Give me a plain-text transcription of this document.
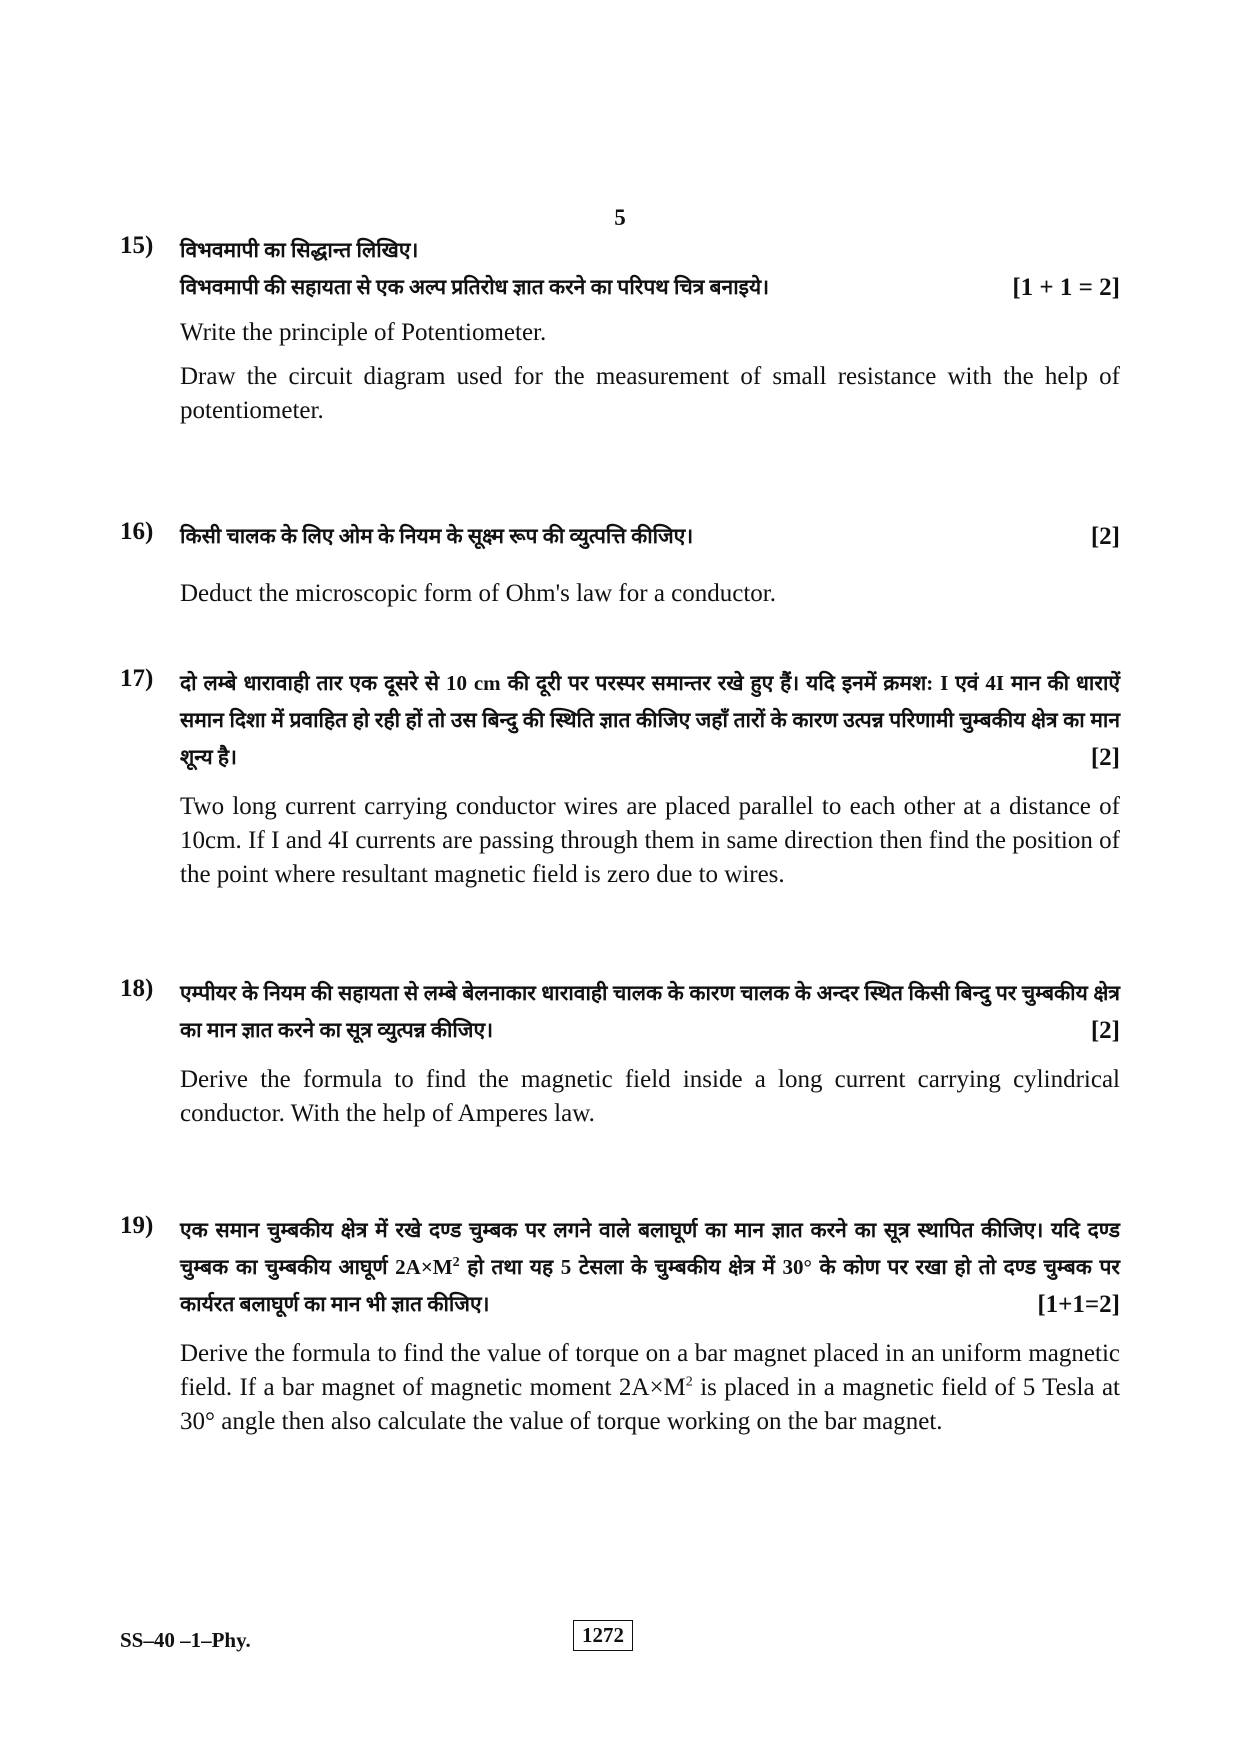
5
15) विभवमापी का सिद्धान्त लिखिए।
[1 + 1 = 2]
विभवमापी की सहायता से एक अल्प प्रतिरोध ज्ञात करने का परिपथ चित्र बनाइये।
Write the principle of Potentiometer.
Draw the circuit diagram used for the measurement of small resistance with the help of potentiometer.
16)	[2]
किसी चालक के लिए ओम के नियम के सूक्ष्म रूप की व्युत्पत्ति कीजिए।
Deduct the microscopic form of Ohm's law for a conductor.
17) दो लम्बे धारावाही तार एक दूसरे से 10 cm की दूरी पर परस्पर समान्तर रखे हुए हैं। यदि इनमें क्रमश: I एवं 4I मान की धाराऐं समान दिशा में प्रवाहित हो रही हों तो उस बिन्दु की स्थिति ज्ञात कीजिए जहाँ तारों के कारण उत्पन्न परिणामी चुम्बकीय क्षेत्र का मान शून्य है।	[2]
Two long current carrying conductor wires are placed parallel to each other at a distance of 10cm. If I and 4I currents are passing through them in same direction then find the position of the point where resultant magnetic field is zero due to wires.
18) एम्पीयर के नियम की सहायता से लम्बे बेलनाकार धारावाही चालक के कारण चालक के अन्दर स्थित किसी बिन्दु पर चुम्बकीय क्षेत्र का मान ज्ञात करने का सूत्र व्युत्पन्न कीजिए।	[2]
Derive the formula to find the magnetic field inside a long current carrying cylindrical conductor. With the help of Amperes law.
19) एक समान चुम्बकीय क्षेत्र में रखे दण्ड चुम्बक पर लगने वाले बलाघूर्ण का मान ज्ञात करने का सूत्र स्थापित कीजिए। यदि दण्ड चुम्बक का चुम्बकीय आघूर्ण $2A\times M^2$ हो तथा यह 5 टेसला के चुम्बकीय क्षेत्र में 30° के कोण पर रखा हो तो दण्ड चुम्बक पर कार्यरत बलाघूर्ण का मान भी ज्ञात कीजिए।	[1+1=2]
Derive the formula to find the value of torque on a bar magnet placed in an uniform magnetic field. If a bar magnet of magnetic moment $2A\times M^2$ is placed in a magnetic field of 5 Tesla at 30° angle then also calculate the value of torque working on the bar magnet.
SS–40 –1–Phy.	1272
